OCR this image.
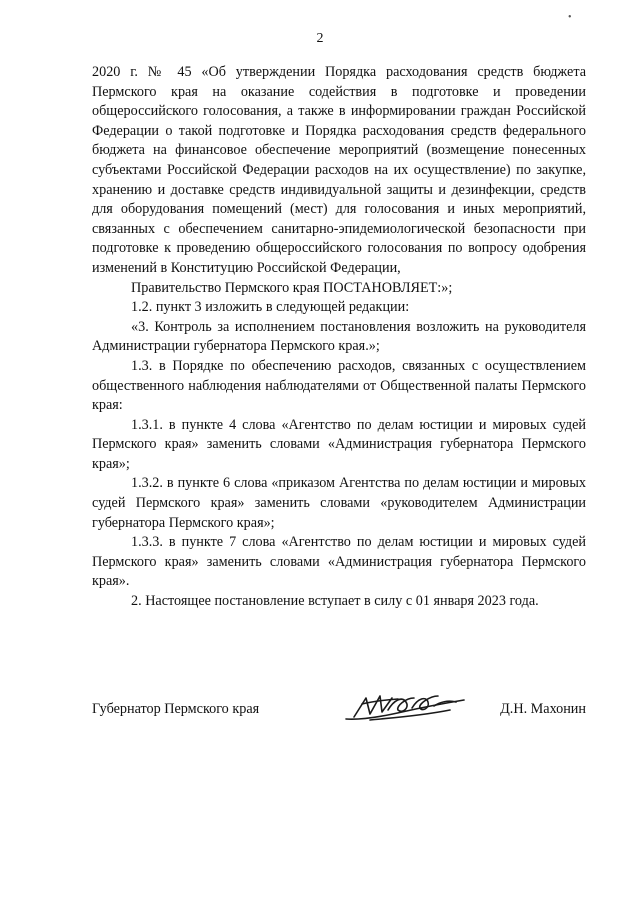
•
2

2020 г. № 45 «Об утверждении Порядка расходования средств бюджета Пермского края на оказание содействия в подготовке и проведении общероссийского голосования, а также в информировании граждан Российской Федерации о такой подготовке и Порядка расходования средств федерального бюджета на финансовое обеспечение мероприятий (возмещение понесенных субъектами Российской Федерации расходов на их осуществление) по закупке, хранению и доставке средств индивидуальной защиты и дезинфекции, средств для оборудования помещений (мест) для голосования и иных мероприятий, связанных с обеспечением санитарно-эпидемиологической безопасности при подготовке к проведению общероссийского голосования по вопросу одобрения изменений в Конституцию Российской Федерации,

Правительство Пермского края ПОСТАНОВЛЯЕТ:»;

1.2. пункт 3 изложить в следующей редакции:

«3. Контроль за исполнением постановления возложить на руководителя Администрации губернатора Пермского края.»;

1.3. в Порядке по обеспечению расходов, связанных с осуществлением общественного наблюдения наблюдателями от Общественной палаты Пермского края:

1.3.1. в пункте 4 слова «Агентство по делам юстиции и мировых судей Пермского края» заменить словами «Администрация губернатора Пермского края»;

1.3.2. в пункте 6 слова «приказом Агентства по делам юстиции и мировых судей Пермского края» заменить словами «руководителем Администрации губернатора Пермского края»;

1.3.3. в пункте 7 слова «Агентство по делам юстиции и мировых судей Пермского края» заменить словами «Администрация губернатора Пермского края».

2. Настоящее постановление вступает в силу с 01 января 2023 года.

Губернатор Пермского края	Д.Н. Махонин
